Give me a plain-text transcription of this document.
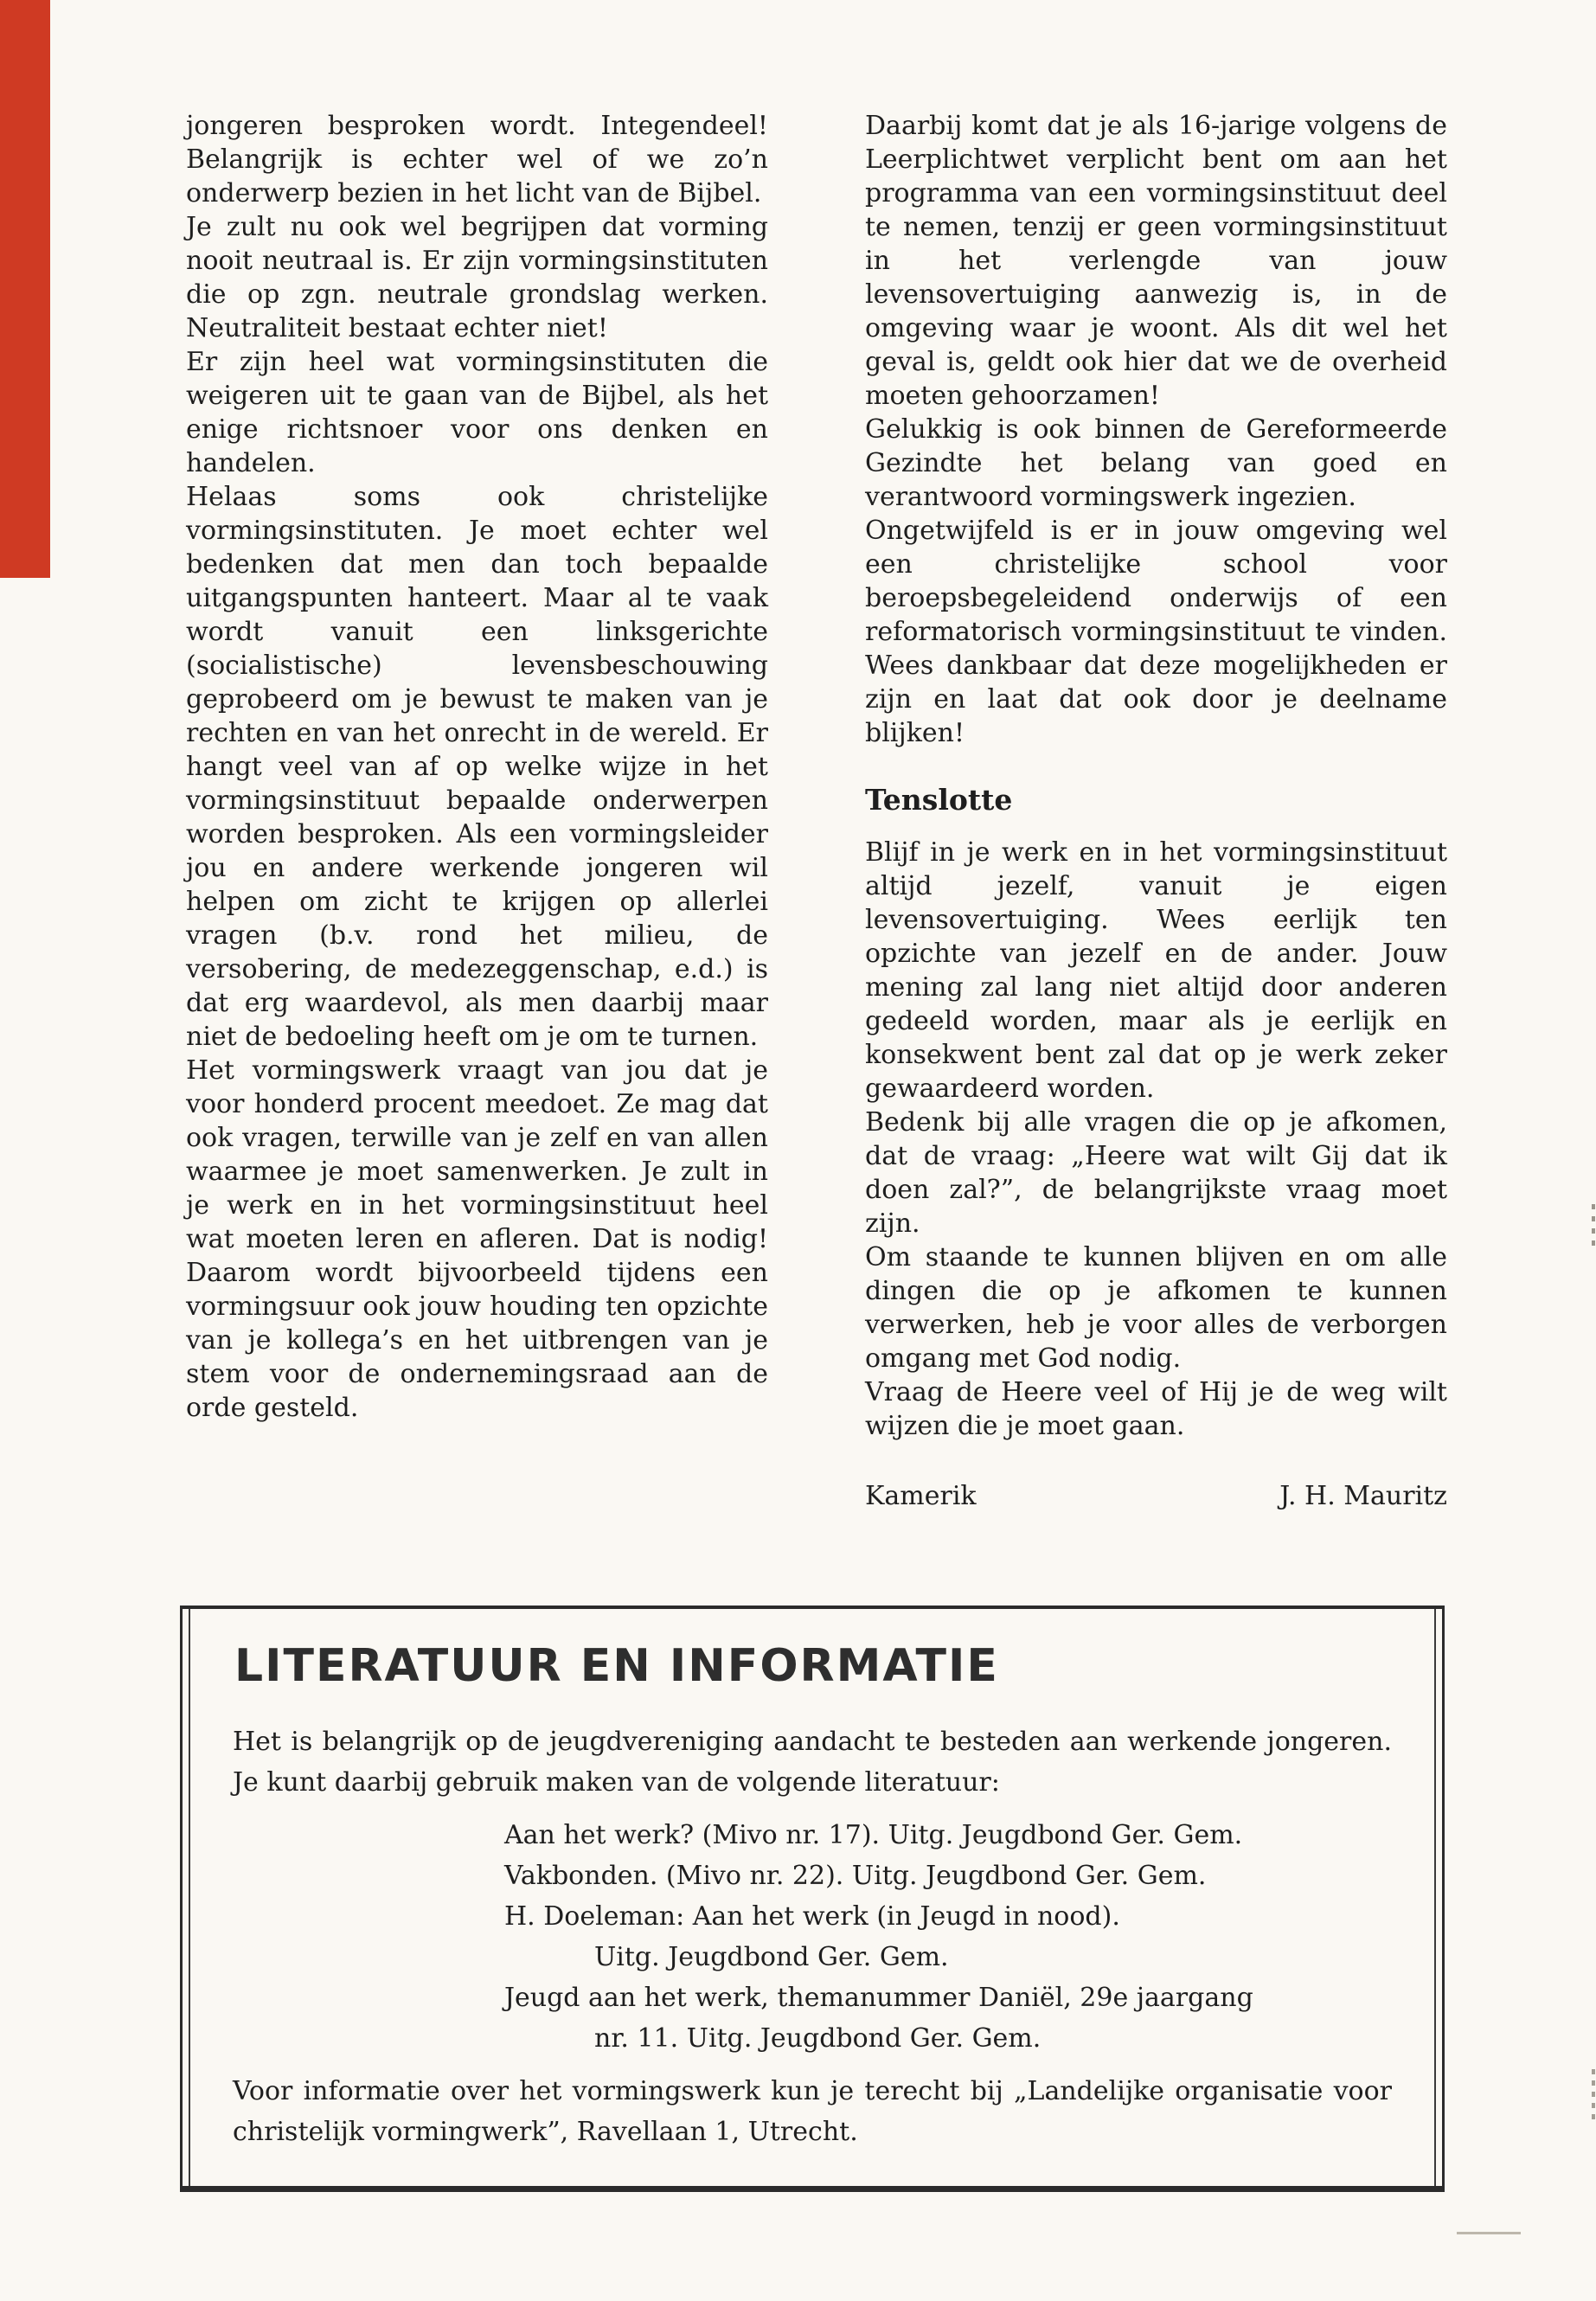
jongeren besproken wordt. Integendeel! Belangrijk is echter wel of we zo’n onderwerp bezien in het licht van de Bijbel.

Je zult nu ook wel begrijpen dat vorming nooit neutraal is. Er zijn vormingsinstituten die op zgn. neutrale grondslag werken. Neutraliteit bestaat echter niet!

Er zijn heel wat vormingsinstituten die weigeren uit te gaan van de Bijbel, als het enige richtsnoer voor ons denken en handelen.

Helaas soms ook christelijke vormingsinstituten. Je moet echter wel bedenken dat men dan toch bepaalde uitgangspunten hanteert. Maar al te vaak wordt vanuit een linksgerichte (socialistische) levensbeschouwing geprobeerd om je bewust te maken van je rechten en van het onrecht in de wereld. Er hangt veel van af op welke wijze in het vormingsinstituut bepaalde onderwerpen worden besproken. Als een vormingsleider jou en andere werkende jongeren wil helpen om zicht te krijgen op allerlei vragen (b.v. rond het milieu, de versobering, de medezeggenschap, e.d.) is dat erg waardevol, als men daarbij maar niet de bedoeling heeft om je om te turnen.

Het vormingswerk vraagt van jou dat je voor honderd procent meedoet. Ze mag dat ook vragen, terwille van je zelf en van allen waarmee je moet samenwerken. Je zult in je werk en in het vormingsinstituut heel wat moeten leren en afleren. Dat is nodig! Daarom wordt bijvoorbeeld tijdens een vormingsuur ook jouw houding ten opzichte van je kollega’s en het uitbrengen van je stem voor de ondernemingsraad aan de orde gesteld.

Daarbij komt dat je als 16-jarige volgens de Leerplichtwet verplicht bent om aan het programma van een vormingsinstituut deel te nemen, tenzij er geen vormingsinstituut in het verlengde van jouw levensovertuiging aanwezig is, in de omgeving waar je woont. Als dit wel het geval is, geldt ook hier dat we de overheid moeten gehoorzamen!

Gelukkig is ook binnen de Gereformeerde Gezindte het belang van goed en verantwoord vormingswerk ingezien.

Ongetwijfeld is er in jouw omgeving wel een christelijke school voor beroepsbegeleidend onderwijs of een reformatorisch vormingsinstituut te vinden. Wees dankbaar dat deze mogelijkheden er zijn en laat dat ook door je deelname blijken!

Tenslotte

Blijf in je werk en in het vormingsinstituut altijd jezelf, vanuit je eigen levensovertuiging. Wees eerlijk ten opzichte van jezelf en de ander. Jouw mening zal lang niet altijd door anderen gedeeld worden, maar als je eerlijk en konsekwent bent zal dat op je werk zeker gewaardeerd worden.

Bedenk bij alle vragen die op je afkomen, dat de vraag: „Heere wat wilt Gij dat ik doen zal?”, de belangrijkste vraag moet zijn.

Om staande te kunnen blijven en om alle dingen die op je afkomen te kunnen verwerken, heb je voor alles de verborgen omgang met God nodig.

Vraag de Heere veel of Hij je de weg wilt wijzen die je moet gaan.

Kamerik	J. H. Mauritz
LITERATUUR EN INFORMATIE

Het is belangrijk op de jeugdvereniging aandacht te besteden aan werkende jongeren. Je kunt daarbij gebruik maken van de volgende literatuur:

Aan het werk? (Mivo nr. 17). Uitg. Jeugdbond Ger. Gem.

Vakbonden. (Mivo nr. 22). Uitg. Jeugdbond Ger. Gem.

H. Doeleman: Aan het werk (in Jeugd in nood).

Uitg. Jeugdbond Ger. Gem.

Jeugd aan het werk, themanummer Daniël, 29e jaargang

nr. 11. Uitg. Jeugdbond Ger. Gem.

Voor informatie over het vormingswerk kun je terecht bij „Landelijke organisatie voor christelijk vormingwerk”, Ravellaan 1, Utrecht.
